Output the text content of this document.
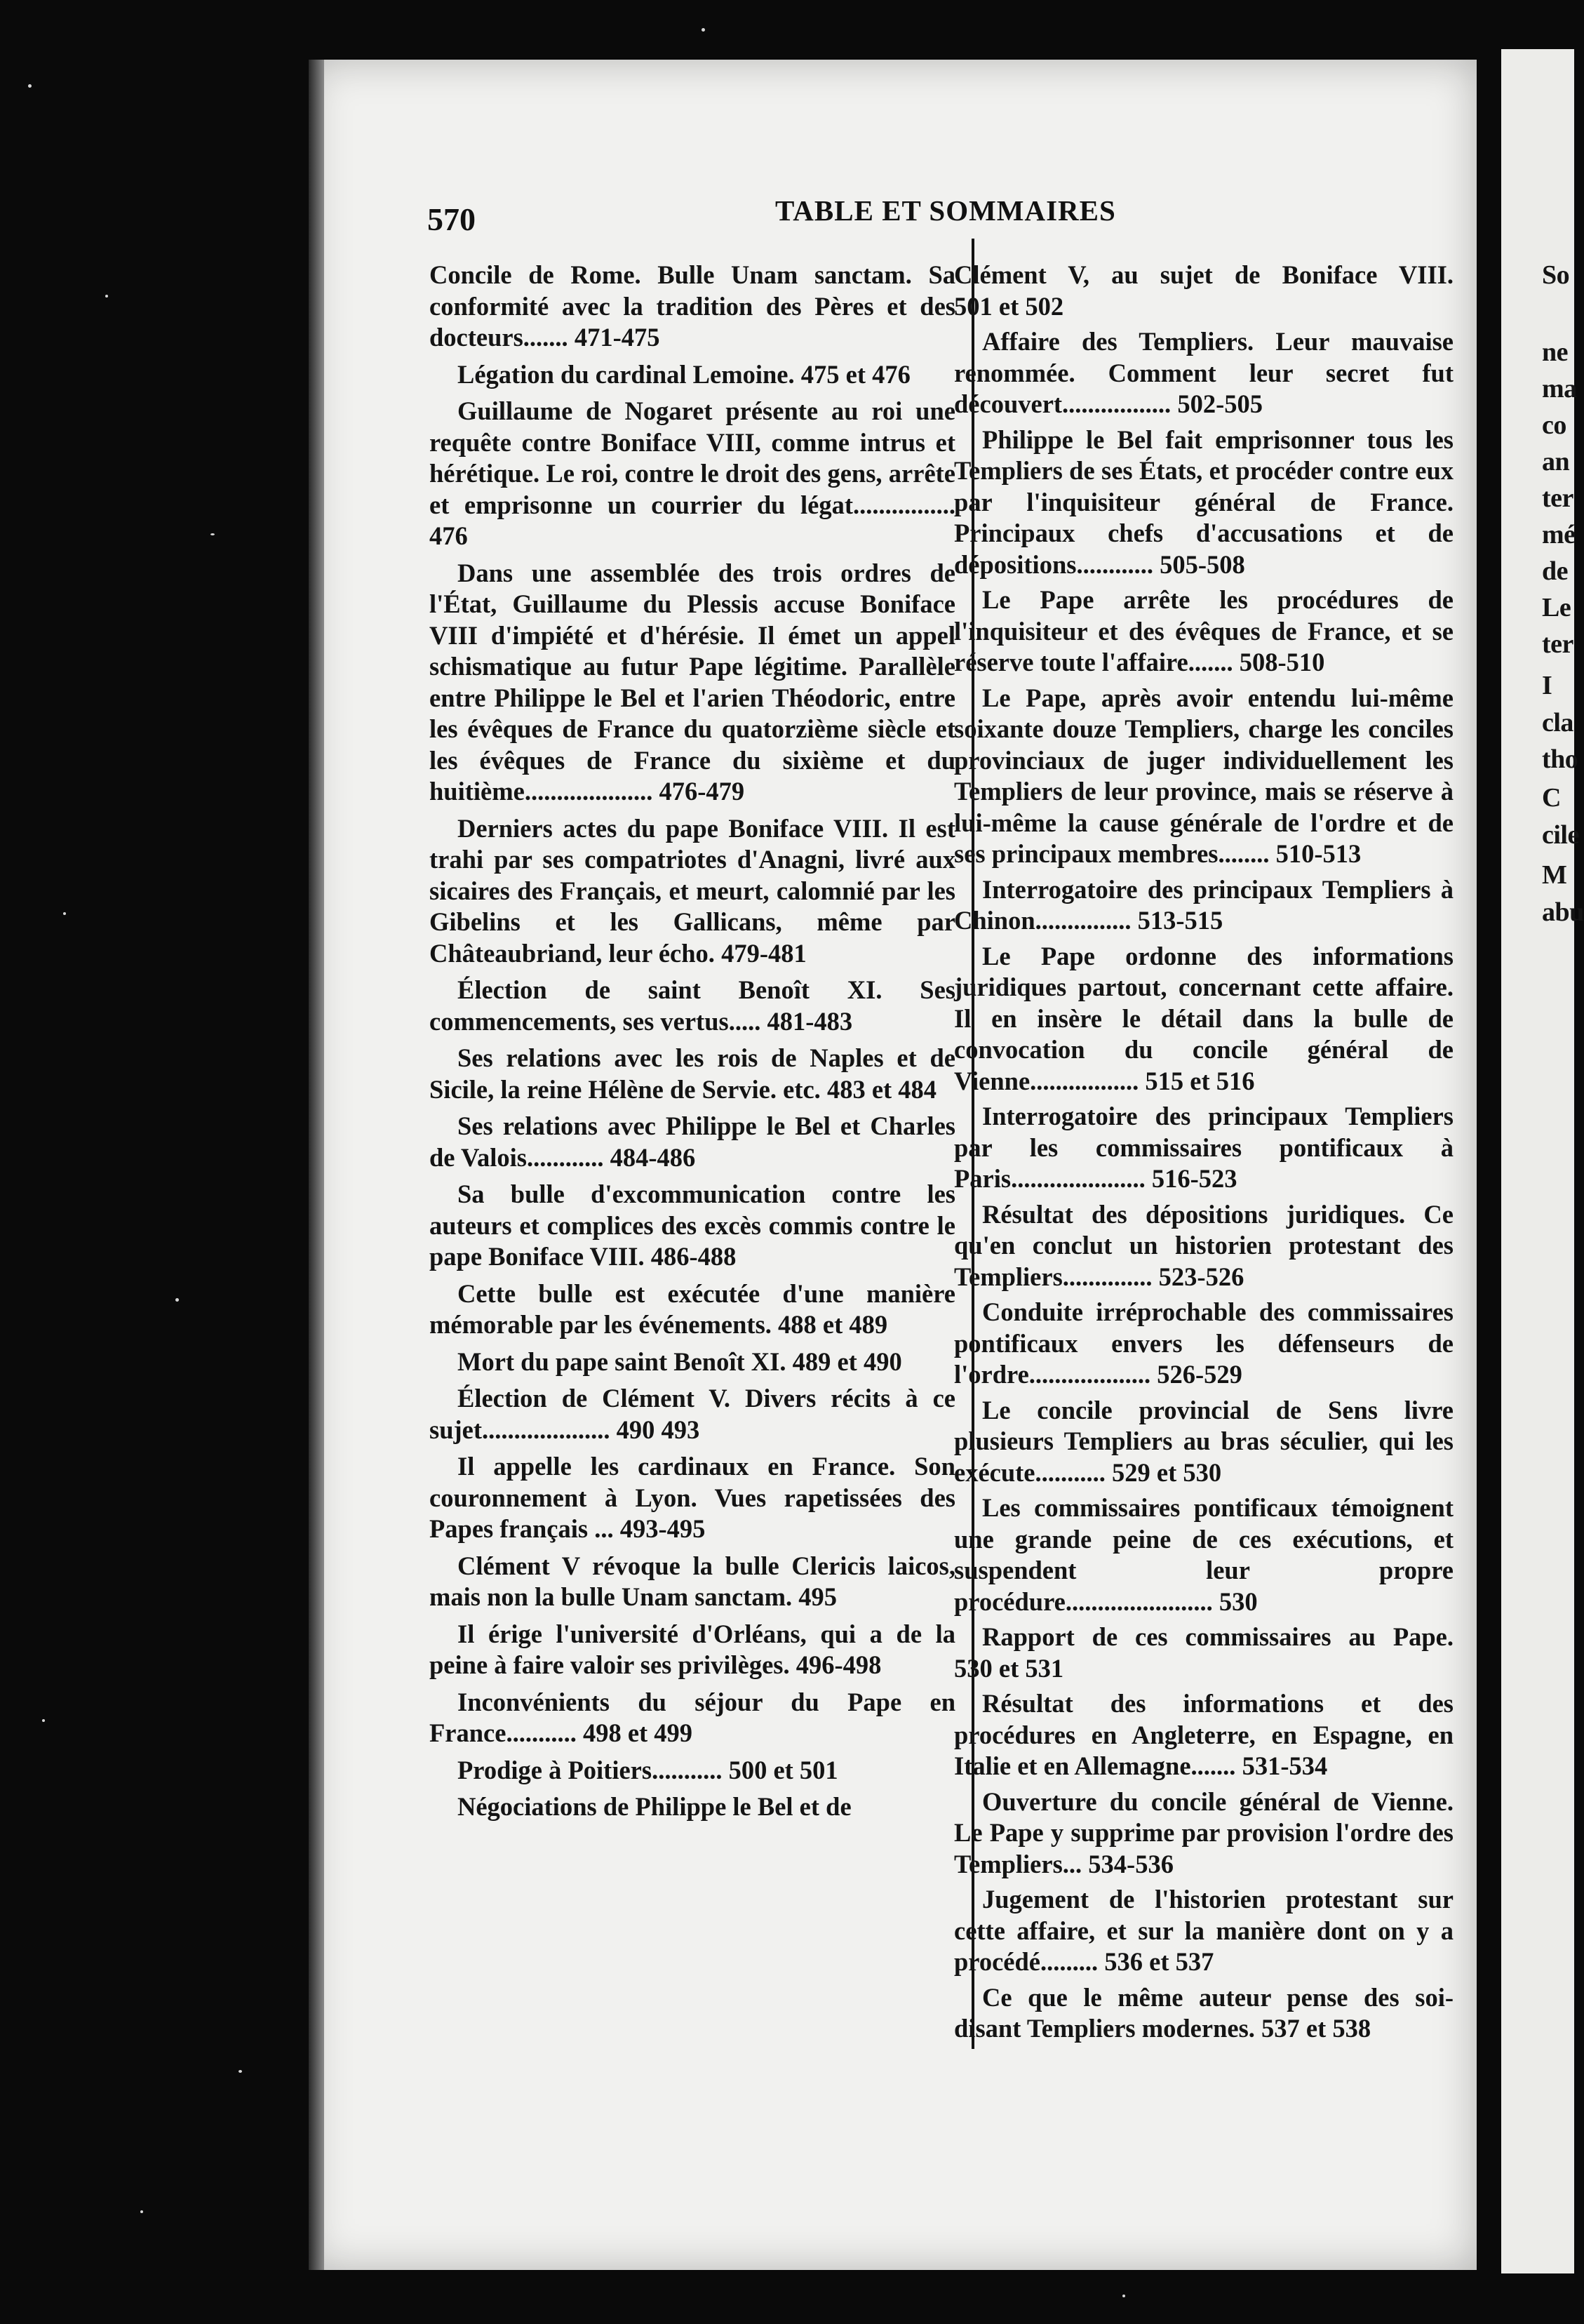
So
ne
ma
co
an
ter
mé
de
Le
ter
I
cla
tho
C
cile
M
abu
570	TABLE ET SOMMAIRES

Concile de Rome. Bulle Unam sanctam. Sa conformité avec la tradition des Pères et des docteurs....... 471-475

Légation du cardinal Lemoine. 475 et 476

Guillaume de Nogaret présente au roi une requête contre Boniface VIII, comme intrus et hérétique. Le roi, contre le droit des gens, arrête et emprisonne un courrier du légat................ 476

Dans une assemblée des trois ordres de l'État, Guillaume du Plessis accuse Boniface VIII d'impiété et d'hérésie. Il émet un appel schismatique au futur Pape légitime. Parallèle entre Philippe le Bel et l'arien Théodoric, entre les évêques de France du quatorzième siècle et les évêques de France du sixième et du huitième.................... 476-479

Derniers actes du pape Boniface VIII. Il est trahi par ses compatriotes d'Anagni, livré aux sicaires des Français, et meurt, calomnié par les Gibelins et les Gallicans, même par Châteaubriand, leur écho. 479-481

Élection de saint Benoît XI. Ses commencements, ses vertus..... 481-483

Ses relations avec les rois de Naples et de Sicile, la reine Hélène de Servie. etc. 483 et 484

Ses relations avec Philippe le Bel et Charles de Valois............ 484-486

Sa bulle d'excommunication contre les auteurs et complices des excès commis contre le pape Boniface VIII. 486-488

Cette bulle est exécutée d'une manière mémorable par les événements. 488 et 489

Mort du pape saint Benoît XI. 489 et 490

Élection de Clément V. Divers récits à ce sujet.................... 490 493

Il appelle les cardinaux en France. Son couronnement à Lyon. Vues rapetissées des Papes français ... 493-495

Clément V révoque la bulle Clericis laicos, mais non la bulle Unam sanctam. 495

Il érige l'université d'Orléans, qui a de la peine à faire valoir ses privilèges. 496-498

Inconvénients du séjour du Pape en France........... 498 et 499

Prodige à Poitiers........... 500 et 501

Négociations de Philippe le Bel et de

Clément V, au sujet de Boniface VIII. 501 et 502

Affaire des Templiers. Leur mauvaise renommée. Comment leur secret fut découvert................. 502-505

Philippe le Bel fait emprisonner tous les Templiers de ses États, et procéder contre eux par l'inquisiteur général de France. Principaux chefs d'accusations et de dépositions............ 505-508

Le Pape arrête les procédures de l'inquisiteur et des évêques de France, et se réserve toute l'affaire....... 508-510

Le Pape, après avoir entendu lui-même soixante douze Templiers, charge les conciles provinciaux de juger individuellement les Templiers de leur province, mais se réserve à lui-même la cause générale de l'ordre et de ses principaux membres........ 510-513

Interrogatoire des principaux Templiers à Chinon............... 513-515

Le Pape ordonne des informations juridiques partout, concernant cette affaire. Il en insère le détail dans la bulle de convocation du concile général de Vienne................. 515 et 516

Interrogatoire des principaux Templiers par les commissaires pontificaux à Paris..................... 516-523

Résultat des dépositions juridiques. Ce qu'en conclut un historien protestant des Templiers.............. 523-526

Conduite irréprochable des commissaires pontificaux envers les défenseurs de l'ordre................... 526-529

Le concile provincial de Sens livre plusieurs Templiers au bras séculier, qui les exécute........... 529 et 530

Les commissaires pontificaux témoignent une grande peine de ces exécutions, et suspendent leur propre procédure....................... 530

Rapport de ces commissaires au Pape. 530 et 531

Résultat des informations et des procédures en Angleterre, en Espagne, en Italie et en Allemagne....... 531-534

Ouverture du concile général de Vienne. Le Pape y supprime par provision l'ordre des Templiers... 534-536

Jugement de l'historien protestant sur cette affaire, et sur la manière dont on y a procédé......... 536 et 537

Ce que le même auteur pense des soi-disant Templiers modernes. 537 et 538
